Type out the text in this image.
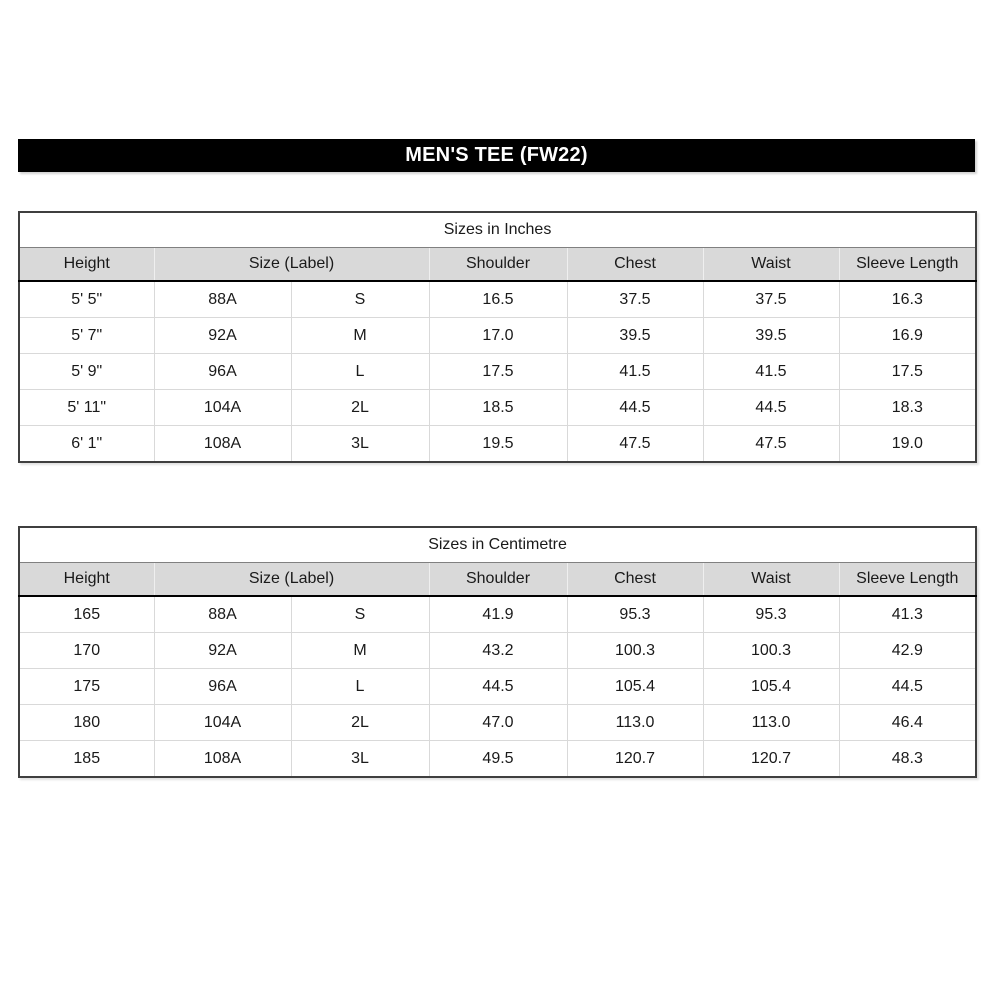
MEN'S TEE (FW22)
Sizes in Inches						
Height	Size (Label)		Shoulder	Chest	Waist	Sleeve Length
5' 5"	88A	S	16.5	37.5	37.5	16.3
5' 7"	92A	M	17.0	39.5	39.5	16.9
5' 9"	96A	L	17.5	41.5	41.5	17.5
5' 11"	104A	2L	18.5	44.5	44.5	18.3
6' 1"	108A	3L	19.5	47.5	47.5	19.0
Sizes in Centimetre						
Height	Size (Label)		Shoulder	Chest	Waist	Sleeve Length
165	88A	S	41.9	95.3	95.3	41.3
170	92A	M	43.2	100.3	100.3	42.9
175	96A	L	44.5	105.4	105.4	44.5
180	104A	2L	47.0	113.0	113.0	46.4
185	108A	3L	49.5	120.7	120.7	48.3
